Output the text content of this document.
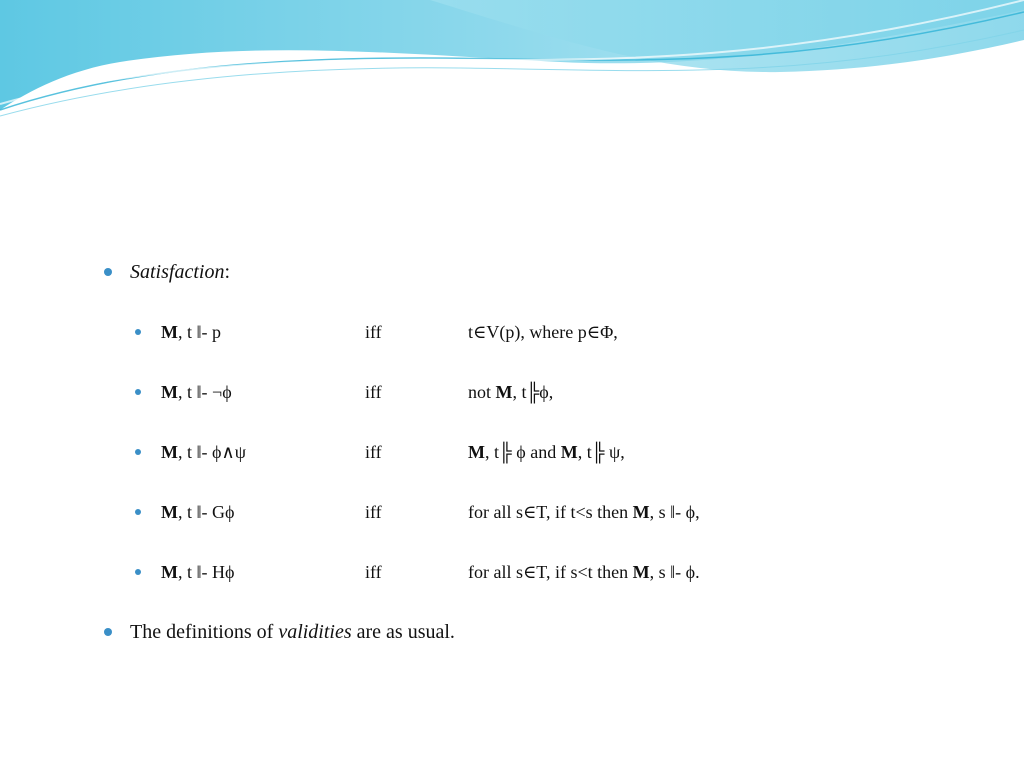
Satisfaction:
M, t ‖- p	iff	t∈V(p), where p∈Φ,
M, t ‖- ¬ϕ	iff	not M, t╠ϕ,
M, t ‖- ϕ∧ψ	iff	M, t╠ ϕ and M, t╠ ψ,
M, t ‖- Gϕ	iff	for all s∈T, if t<s then M, s ‖- ϕ,
M, t ‖- Hϕ	iff	for all s∈T, if s<t then M, s ‖- ϕ.
The definitions of validities are as usual.
